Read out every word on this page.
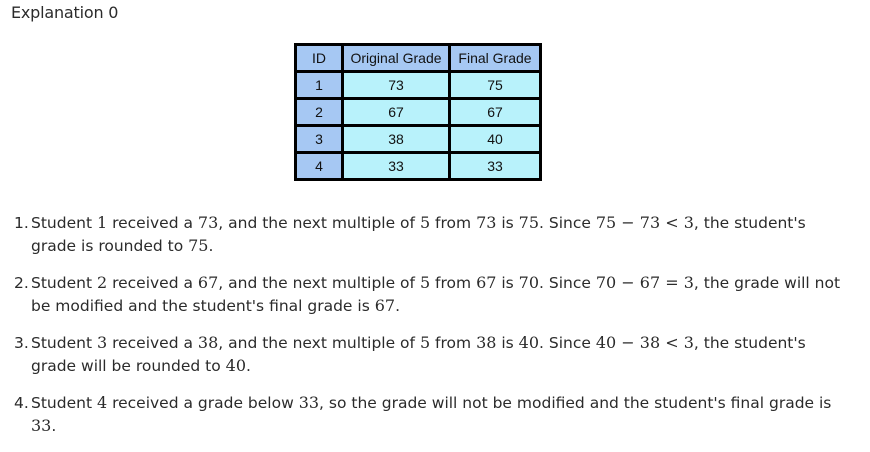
Explanation 0
ID	Original Grade	Final Grade
1	73	75
2	67	67
3	38	40
4	33	33
1. Student 1 received a 73, and the next multiple of 5 from 73 is 75. Since 75 − 73 < 3, the student's grade is rounded to 75.
2. Student 2 received a 67, and the next multiple of 5 from 67 is 70. Since 70 − 67 = 3, the grade will not be modified and the student's final grade is 67.
3. Student 3 received a 38, and the next multiple of 5 from 38 is 40. Since 40 − 38 < 3, the student's grade will be rounded to 40.
4. Student 4 received a grade below 33, so the grade will not be modified and the student's final grade is 33.
